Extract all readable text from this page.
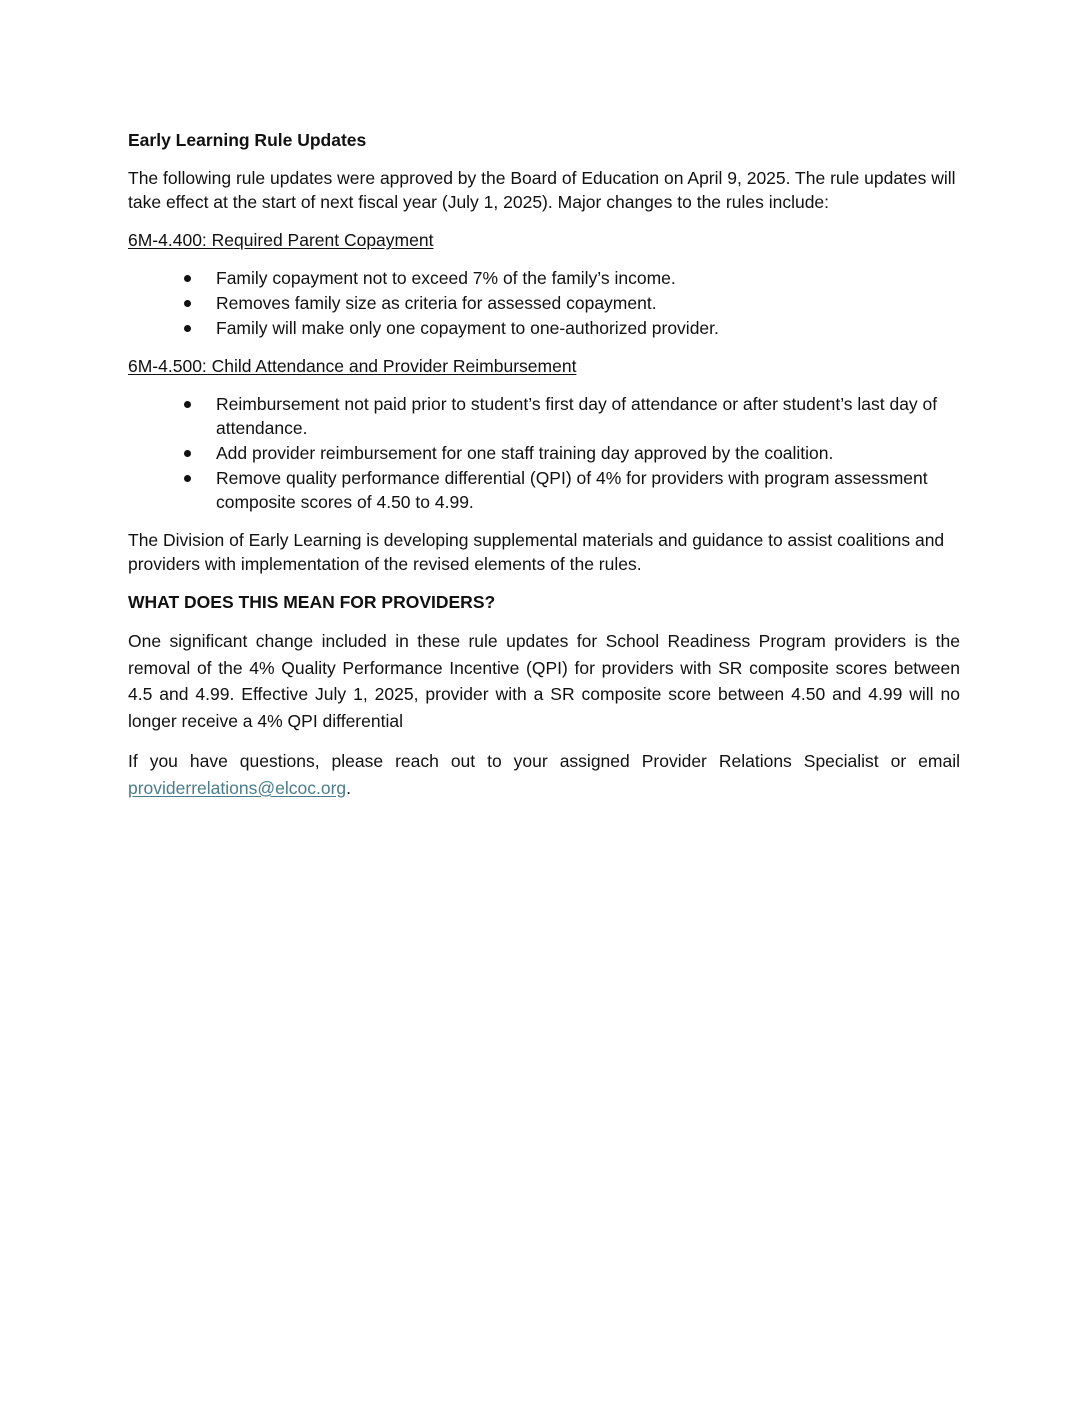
Early Learning Rule Updates

The following rule updates were approved by the Board of Education on April 9, 2025. The rule updates will take effect at the start of next fiscal year (July 1, 2025). Major changes to the rules include:

6M-4.400: Required Parent Copayment
Family copayment not to exceed 7% of the family’s income.
Removes family size as criteria for assessed copayment.
Family will make only one copayment to one-authorized provider.
6M-4.500: Child Attendance and Provider Reimbursement
Reimbursement not paid prior to student’s first day of attendance or after student’s last day of attendance.
Add provider reimbursement for one staff training day approved by the coalition.
Remove quality performance differential (QPI) of 4% for providers with program assessment composite scores of 4.50 to 4.99.

The Division of Early Learning is developing supplemental materials and guidance to assist coalitions and providers with implementation of the revised elements of the rules.

WHAT DOES THIS MEAN FOR PROVIDERS?

One significant change included in these rule updates for School Readiness Program providers is the removal of the 4% Quality Performance Incentive (QPI) for providers with SR composite scores between 4.5 and 4.99. Effective July 1, 2025, provider with a SR composite score between 4.50 and 4.99 will no longer receive a 4% QPI differential

If you have questions, please reach out to your assigned Provider Relations Specialist or email providerrelations@elcoc.org.
